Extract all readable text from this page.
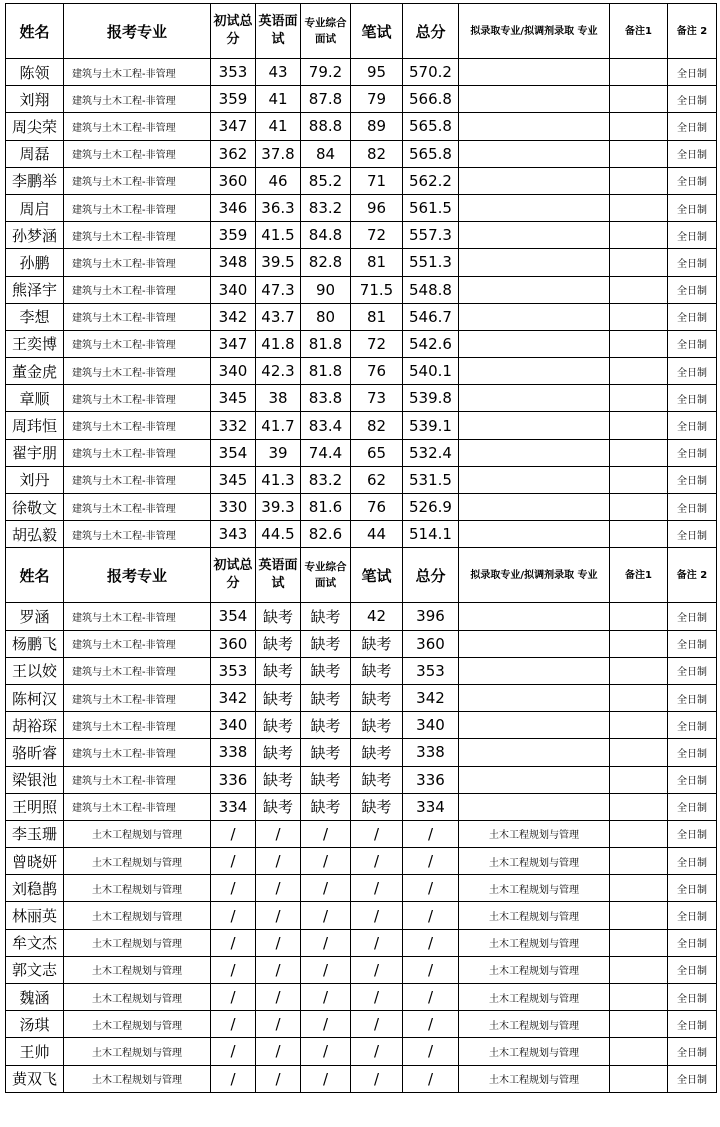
姓名	报考专业	初试总分	英语面试	专业综合面试	笔试	总分	拟录取专业/拟调剂录取 专业	备注1	备注 2
陈领	建筑与土木工程-非管理	353	43	79.2	95	570.2			全日制
刘翔	建筑与土木工程-非管理	359	41	87.8	79	566.8			全日制
周尖荣	建筑与土木工程-非管理	347	41	88.8	89	565.8			全日制
周磊	建筑与土木工程-非管理	362	37.8	84	82	565.8			全日制
李鹏举	建筑与土木工程-非管理	360	46	85.2	71	562.2			全日制
周启	建筑与土木工程-非管理	346	36.3	83.2	96	561.5			全日制
孙梦涵	建筑与土木工程-非管理	359	41.5	84.8	72	557.3			全日制
孙鹏	建筑与土木工程-非管理	348	39.5	82.8	81	551.3			全日制
熊泽宇	建筑与土木工程-非管理	340	47.3	90	71.5	548.8			全日制
李想	建筑与土木工程-非管理	342	43.7	80	81	546.7			全日制
王奕博	建筑与土木工程-非管理	347	41.8	81.8	72	542.6			全日制
董金虎	建筑与土木工程-非管理	340	42.3	81.8	76	540.1			全日制
章顺	建筑与土木工程-非管理	345	38	83.8	73	539.8			全日制
周玮恒	建筑与土木工程-非管理	332	41.7	83.4	82	539.1			全日制
翟宇朋	建筑与土木工程-非管理	354	39	74.4	65	532.4			全日制
刘丹	建筑与土木工程-非管理	345	41.3	83.2	62	531.5			全日制
徐敬文	建筑与土木工程-非管理	330	39.3	81.6	76	526.9			全日制
胡弘毅	建筑与土木工程-非管理	343	44.5	82.6	44	514.1			全日制
姓名	报考专业	初试总分	英语面试	专业综合面试	笔试	总分	拟录取专业/拟调剂录取 专业	备注1	备注 2
罗涵	建筑与土木工程-非管理	354	缺考	缺考	42	396			全日制
杨鹏飞	建筑与土木工程-非管理	360	缺考	缺考	缺考	360			全日制
王以姣	建筑与土木工程-非管理	353	缺考	缺考	缺考	353			全日制
陈柯汉	建筑与土木工程-非管理	342	缺考	缺考	缺考	342			全日制
胡裕琛	建筑与土木工程-非管理	340	缺考	缺考	缺考	340			全日制
骆昕睿	建筑与土木工程-非管理	338	缺考	缺考	缺考	338			全日制
梁银池	建筑与土木工程-非管理	336	缺考	缺考	缺考	336			全日制
王明照	建筑与土木工程-非管理	334	缺考	缺考	缺考	334			全日制
李玉珊	土木工程规划与管理	/	/	/	/	/	土木工程规划与管理		全日制
曾晓妍	土木工程规划与管理	/	/	/	/	/	土木工程规划与管理		全日制
刘稳鹊	土木工程规划与管理	/	/	/	/	/	土木工程规划与管理		全日制
林丽英	土木工程规划与管理	/	/	/	/	/	土木工程规划与管理		全日制
牟文杰	土木工程规划与管理	/	/	/	/	/	土木工程规划与管理		全日制
郭文志	土木工程规划与管理	/	/	/	/	/	土木工程规划与管理		全日制
魏涵	土木工程规划与管理	/	/	/	/	/	土木工程规划与管理		全日制
汤琪	土木工程规划与管理	/	/	/	/	/	土木工程规划与管理		全日制
王帅	土木工程规划与管理	/	/	/	/	/	土木工程规划与管理		全日制
黄双飞	土木工程规划与管理	/	/	/	/	/	土木工程规划与管理		全日制
